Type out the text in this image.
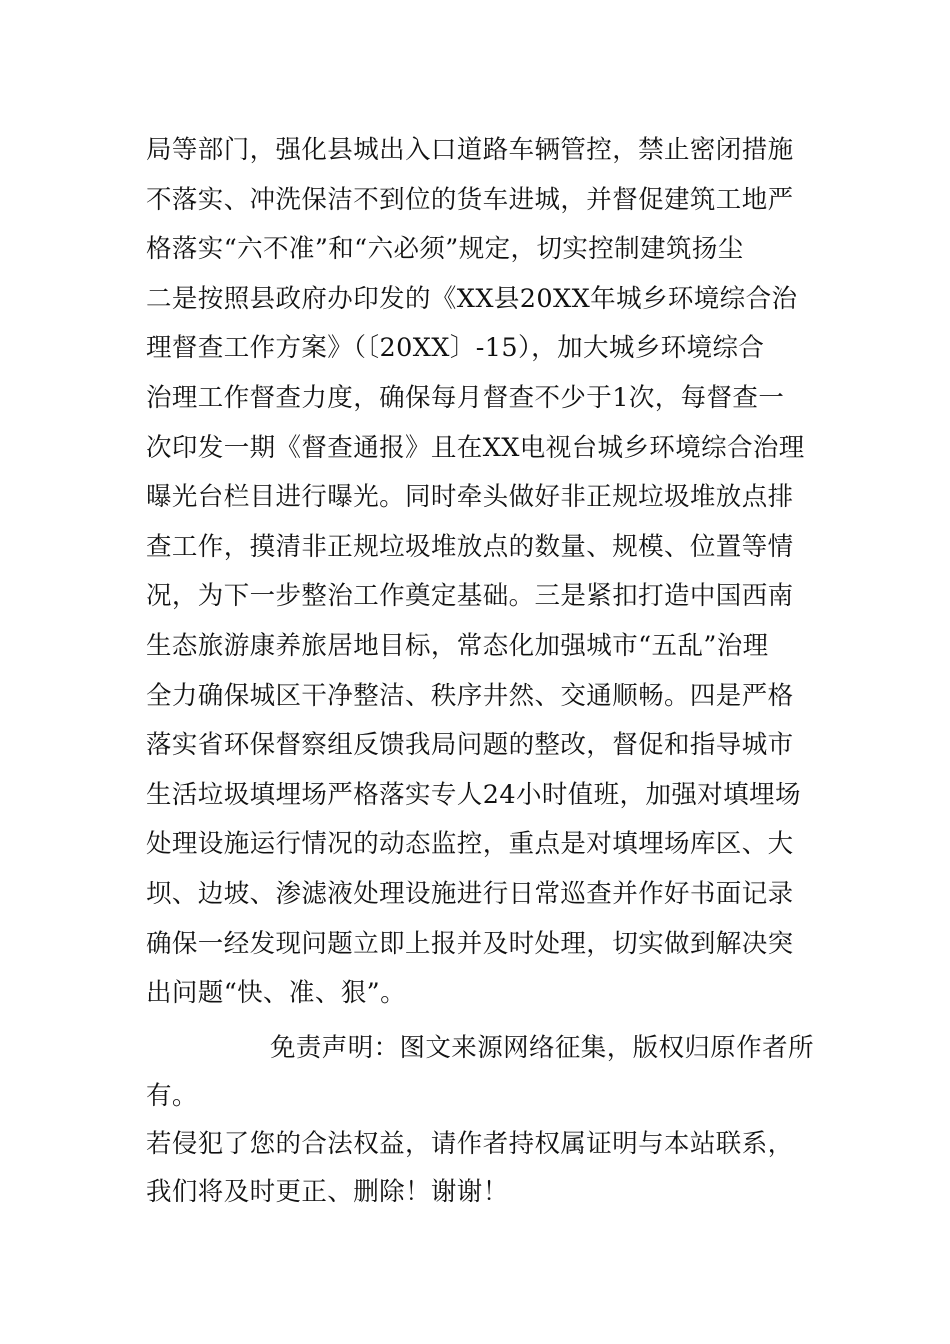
局等部门，强化县城出入口道路车辆管控，禁止密闭措施
不落实、冲洗保洁不到位的货车进城，并督促建筑工地严
格落实“六不准”和“六必须”规定，切实控制建筑扬尘
二是按照县政府办印发的《XX县20XX年城乡环境综合治
理督查工作方案》（〔20XX〕-15），加大城乡环境综合
治理工作督查力度，确保每月督查不少于1次，每督查一
次印发一期《督查通报》且在XX电视台城乡环境综合治理
曝光台栏目进行曝光。同时牵头做好非正规垃圾堆放点排
查工作，摸清非正规垃圾堆放点的数量、规模、位置等情
况，为下一步整治工作奠定基础。三是紧扣打造中国西南
生态旅游康养旅居地目标，常态化加强城市“五乱”治理
全力确保城区干净整洁、秩序井然、交通顺畅。四是严格
落实省环保督察组反馈我局问题的整改，督促和指导城市
生活垃圾填埋场严格落实专人24小时值班，加强对填埋场
处理设施运行情况的动态监控，重点是对填埋场库区、大
坝、边坡、渗滤液处理设施进行日常巡查并作好书面记录
确保一经发现问题立即上报并及时处理，切实做到解决突
出问题“快、准、狠”。
免责声明：图文来源网络征集，版权归原作者所
有。
若侵犯了您的合法权益，请作者持权属证明与本站联系，
我们将及时更正、删除！谢谢！
